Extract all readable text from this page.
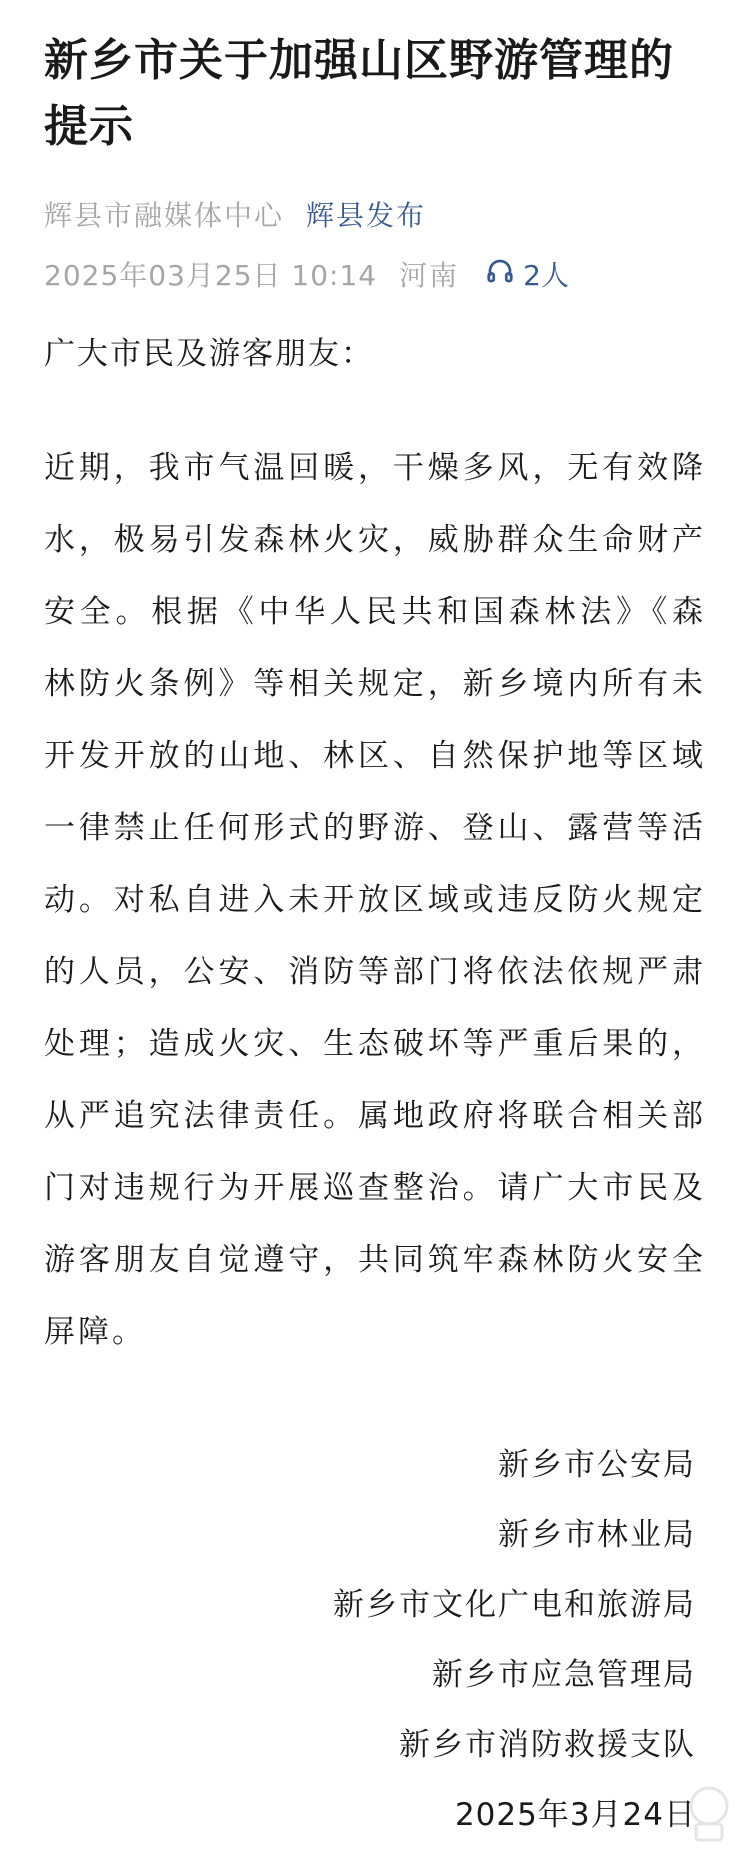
新乡市关于加强山区野游管理的提示
辉县市融媒体中心 辉县发布
2025年03月25日 10:14 河南 2人
广大市民及游客朋友：
近期，我市气温回暖，干燥多风，无有效降水，极易引发森林火灾，威胁群众生命财产安全。根据《中华人民共和国森林法》《森林防火条例》等相关规定，新乡境内所有未开发开放的山地、林区、自然保护地等区域一律禁止任何形式的野游、登山、露营等活动。对私自进入未开放区域或违反防火规定的人员，公安、消防等部门将依法依规严肃处理；造成火灾、生态破坏等严重后果的，从严追究法律责任。属地政府将联合相关部门对违规行为开展巡查整治。请广大市民及游客朋友自觉遵守，共同筑牢森林防火安全屏障。
新乡市公安局
新乡市林业局
新乡市文化广电和旅游局
新乡市应急管理局
新乡市消防救援支队
2025年3月24日
